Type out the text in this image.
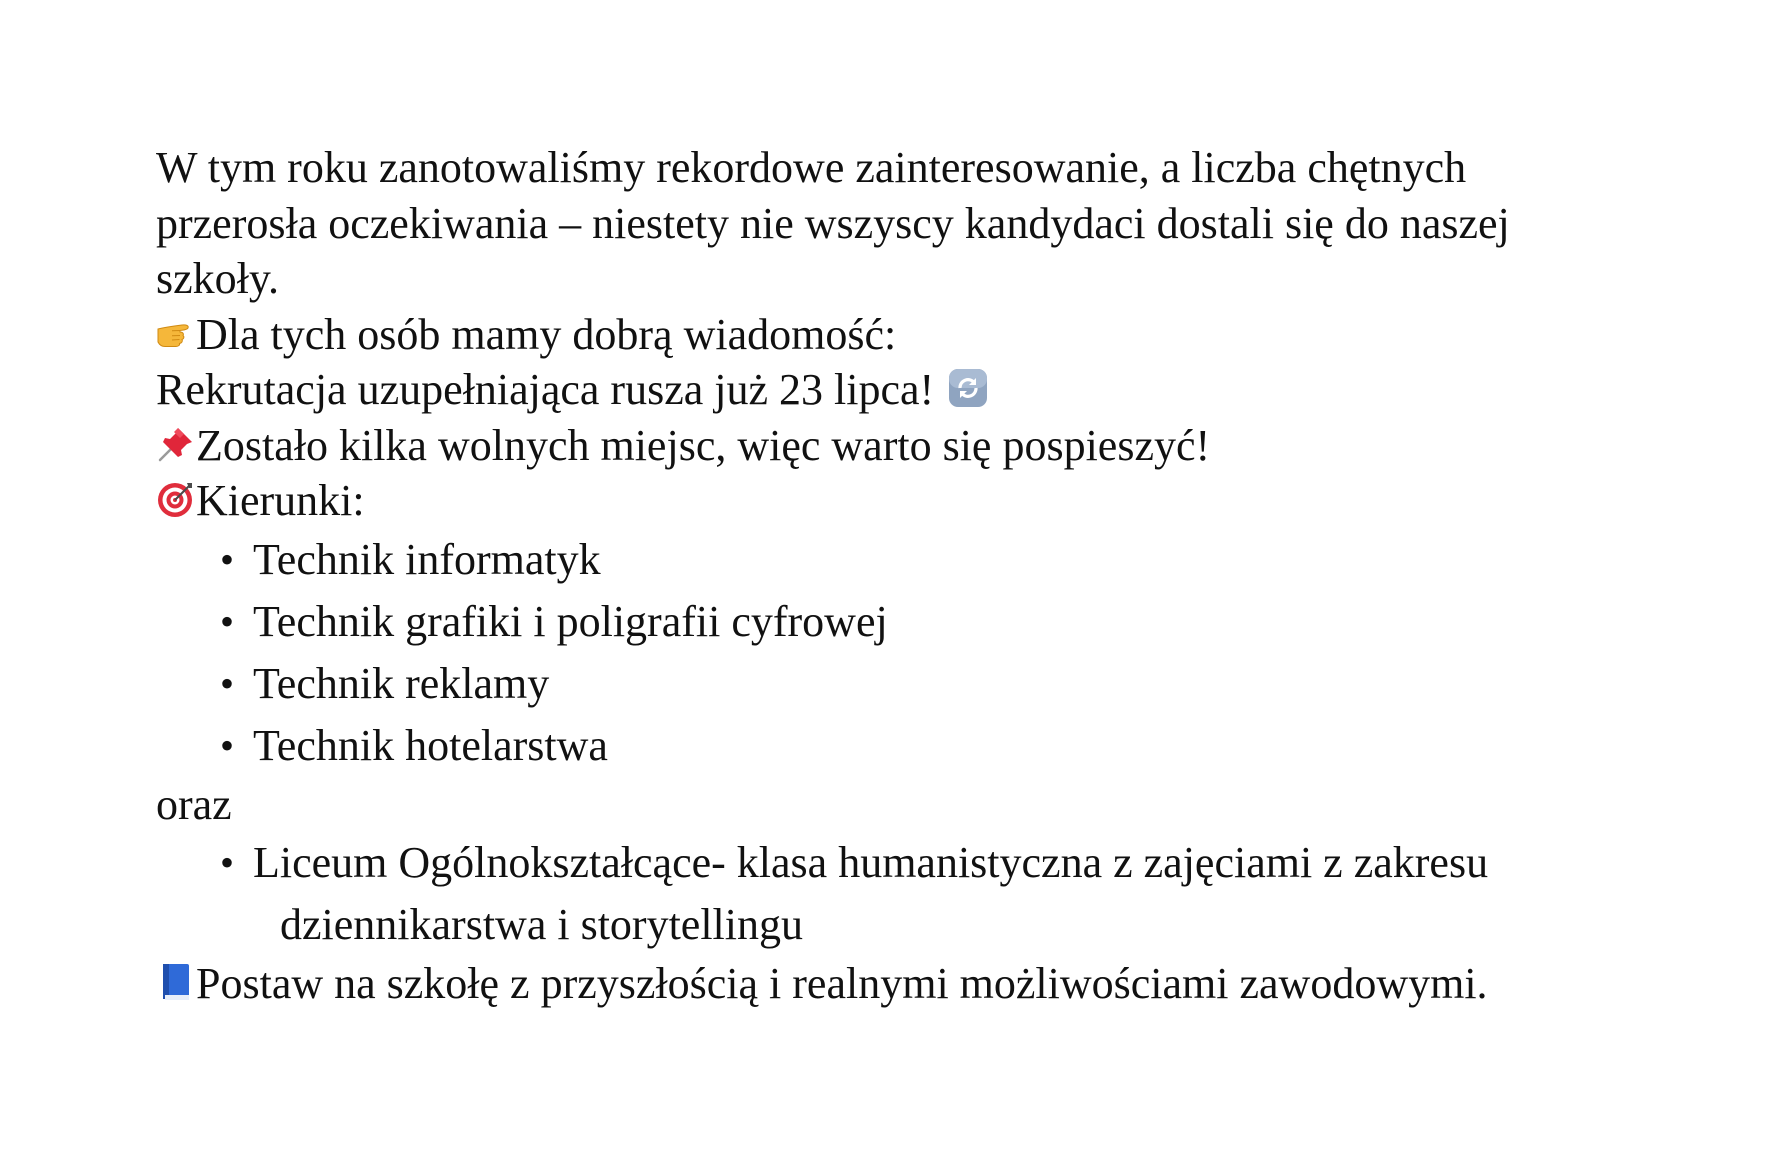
W tym roku zanotowaliśmy rekordowe zainteresowanie, a liczba chętnych
przerosła oczekiwania – niestety nie wszyscy kandydaci dostali się do naszej
szkoły.

Dla tych osób mamy dobrą wiadomość:
Rekrutacja uzupełniająca rusza już 23 lipca!
Zostało kilka wolnych miejsc, więc warto się pospieszyć!
Kierunki:
• Technik informatyk
• Technik grafiki i poligrafii cyfrowej
• Technik reklamy
• Technik hotelarstwa
oraz
• Liceum Ogólnokształcące- klasa humanistyczna z zajęciami z zakresu
dziennikarstwa i storytellingu
Postaw na szkołę z przyszłością i realnymi możliwościami zawodowymi.
